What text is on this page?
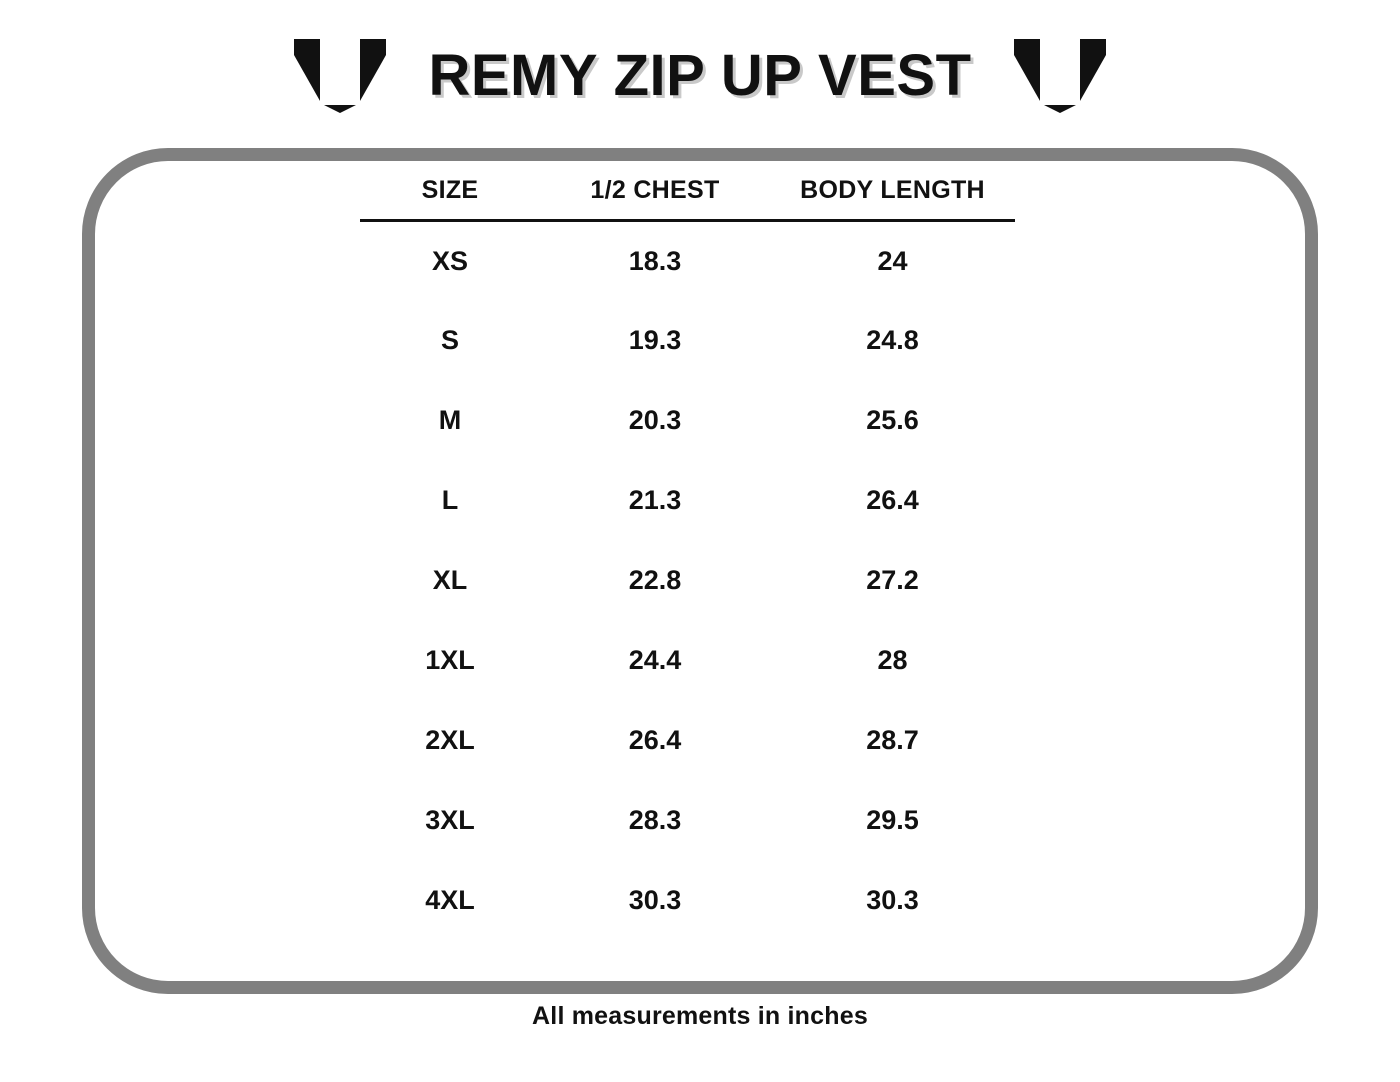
REMY ZIP UP VEST
SIZE	1/2 CHEST	BODY LENGTH
XS	18.3	24
S	19.3	24.8
M	20.3	25.6
L	21.3	26.4
XL	22.8	27.2
1XL	24.4	28
2XL	26.4	28.7
3XL	28.3	29.5
4XL	30.3	30.3
All measurements in inches
